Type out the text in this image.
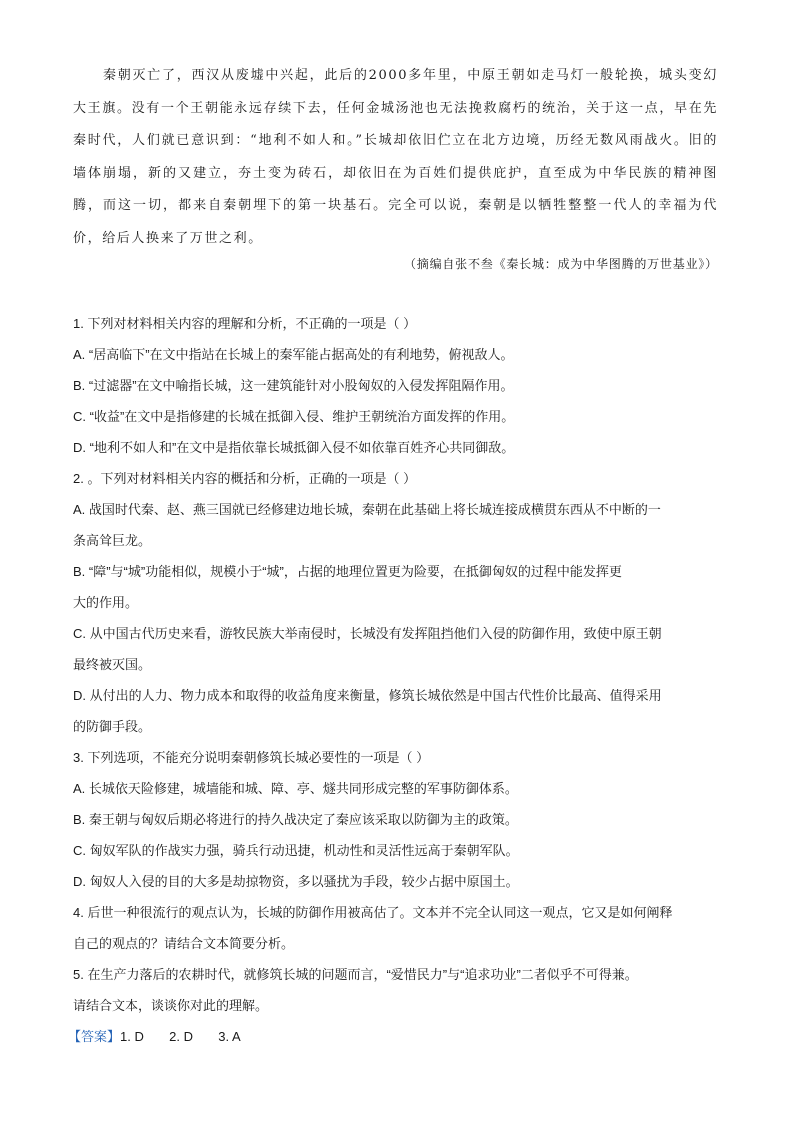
秦朝灭亡了，西汉从废墟中兴起，此后的2000多年里，中原王朝如走马灯一般轮换，城头变幻大王旗。没有一个王朝能永远存续下去，任何金城汤池也无法挽救腐朽的统治，关于这一点，早在先秦时代，人们就已意识到：“地利不如人和。”长城却依旧伫立在北方边境，历经无数风雨战火。旧的墙体崩塌，新的又建立，夯土变为砖石，却依旧在为百姓们提供庇护，直至成为中华民族的精神图腾，而这一切，都来自秦朝埋下的第一块基石。完全可以说，秦朝是以牺牲整整一代人的幸福为代价，给后人换来了万世之利。
（摘编自张不叁《秦长城：成为中华图腾的万世基业》）
1. 下列对材料相关内容的理解和分析，不正确的一项是（ ）
A. “居高临下”在文中指站在长城上的秦军能占据高处的有利地势，俯视敌人。
B. “过滤器”在文中喻指长城，这一建筑能针对小股匈奴的入侵发挥阻隔作用。
C. “收益”在文中是指修建的长城在抵御入侵、维护王朝统治方面发挥的作用。
D. “地利不如人和”在文中是指依靠长城抵御入侵不如依靠百姓齐心共同御敌。
2. 。下列对材料相关内容的概括和分析，正确的一项是（ ）
A. 战国时代秦、赵、燕三国就已经修建边地长城，秦朝在此基础上将长城连接成横贯东西从不中断的一
条高耸巨龙。
B. “障”与“城”功能相似，规模小于“城”，占据的地理位置更为险要，在抵御匈奴的过程中能发挥更
大的作用。
C. 从中国古代历史来看，游牧民族大举南侵时，长城没有发挥阻挡他们入侵的防御作用，致使中原王朝
最终被灭国。
D. 从付出的人力、物力成本和取得的收益角度来衡量，修筑长城依然是中国古代性价比最高、值得采用
的防御手段。
3. 下列选项，不能充分说明秦朝修筑长城必要性的一项是（ ）
A. 长城依天险修建，城墙能和城、障、亭、燧共同形成完整的军事防御体系。
B. 秦王朝与匈奴后期必将进行的持久战决定了秦应该采取以防御为主的政策。
C. 匈奴军队的作战实力强，骑兵行动迅捷，机动性和灵活性远高于秦朝军队。
D. 匈奴人入侵的目的大多是劫掠物资，多以骚扰为手段，较少占据中原国土。
4. 后世一种很流行的观点认为，长城的防御作用被高估了。文本并不完全认同这一观点，它又是如何阐释
自己的观点的？请结合文本简要分析。
5. 在生产力落后的农耕时代，就修筑长城的问题而言，“爱惜民力”与“追求功业”二者似乎不可得兼。
请结合文本，谈谈你对此的理解。
【答案】1. D       2. D       3. A
